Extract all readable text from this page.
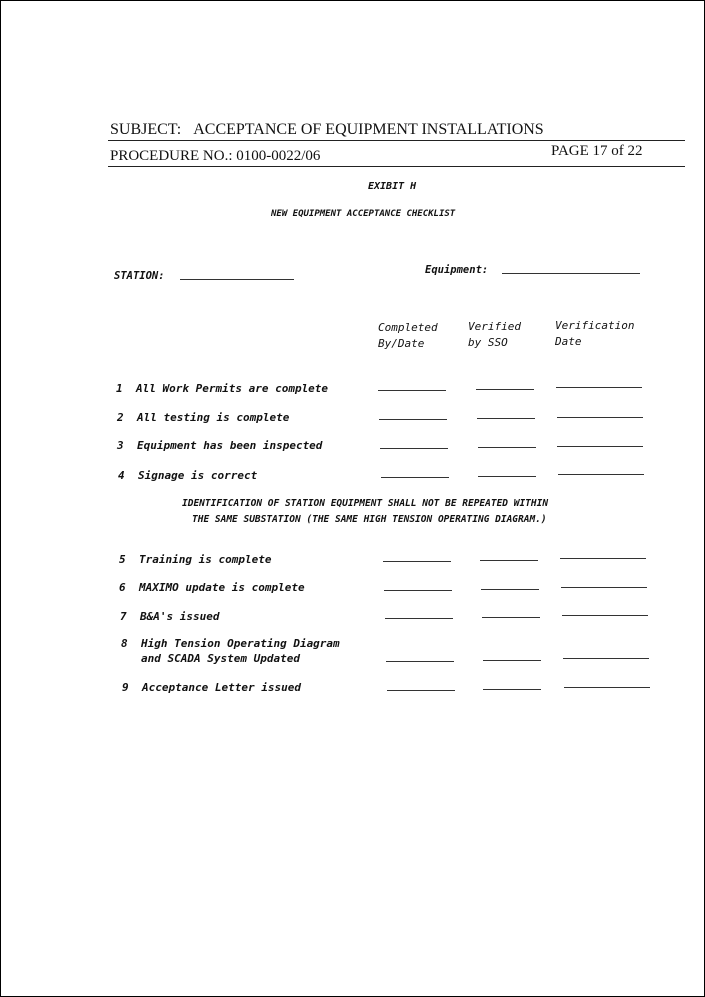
SUBJECT: ACCEPTANCE OF EQUIPMENT INSTALLATIONS
PROCEDURE NO.: 0100-0022/06	PAGE 17 of 22
EXIBIT H
NEW EQUIPMENT ACCEPTANCE CHECKLIST
STATION:	Equipment:
Completed
By/Date
Verified
by SSO
Verification
Date
1 All Work Permits are complete
2 All testing is complete
3 Equipment has been inspected
4 Signage is correct
IDENTIFICATION OF STATION EQUIPMENT SHALL NOT BE REPEATED WITHIN
THE SAME SUBSTATION (THE SAME HIGH TENSION OPERATING DIAGRAM.)
5 Training is complete
6 MAXIMO update is complete
7 B&A's issued
8 High Tension Operating Diagram
and SCADA System Updated
9 Acceptance Letter issued
